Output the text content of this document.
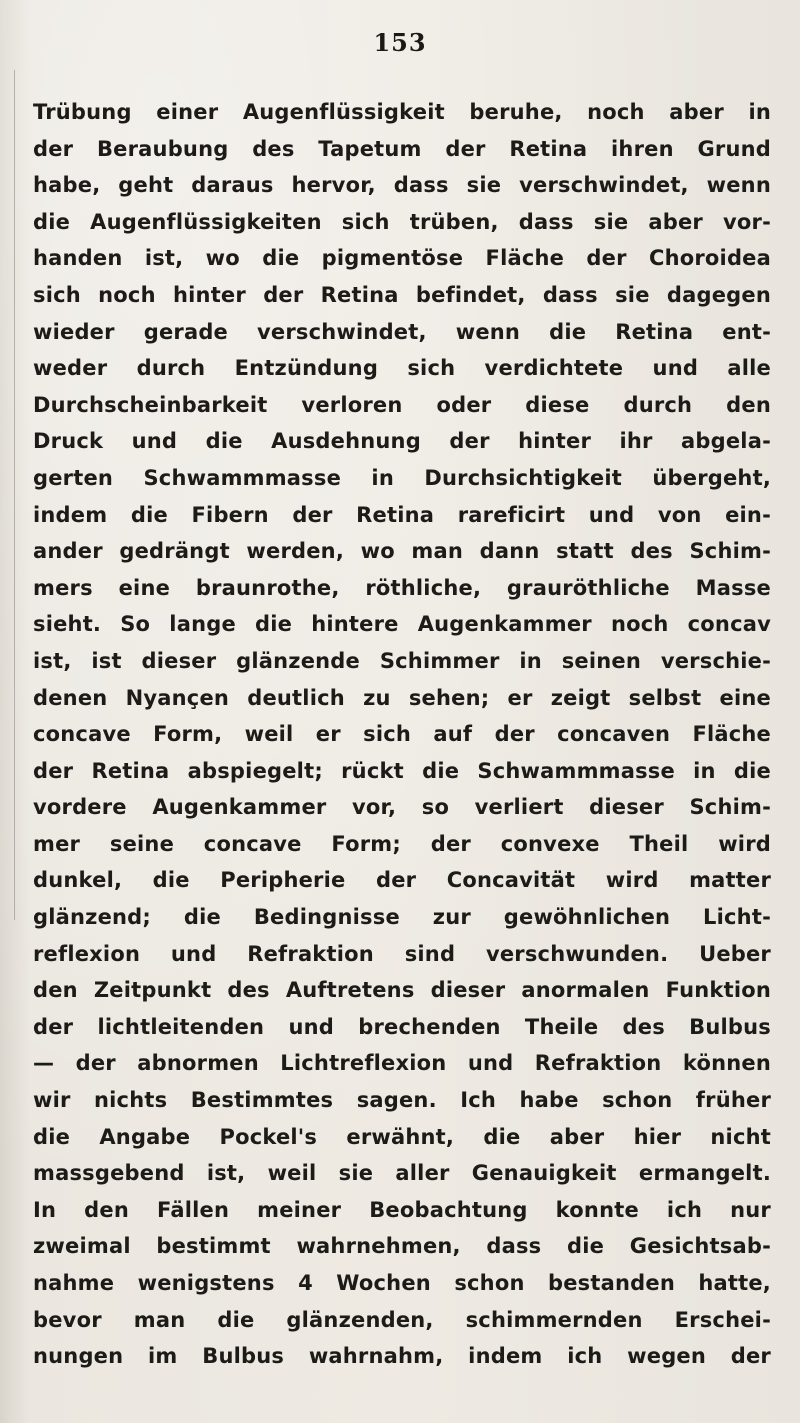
153
Trübung einer Augenflüssigkeit beruhe, noch aber in
der Beraubung des Tapetum der Retina ihren Grund
habe, geht daraus hervor, dass sie verschwindet, wenn
die Augenflüssigkeiten sich trüben, dass sie aber vor-
handen ist, wo die pigmentöse Fläche der Choroidea
sich noch hinter der Retina befindet, dass sie dagegen
wieder gerade verschwindet, wenn die Retina ent-
weder durch Entzündung sich verdichtete und alle
Durchscheinbarkeit verloren oder diese durch den
Druck und die Ausdehnung der hinter ihr abgela-
gerten Schwammmasse in Durchsichtigkeit übergeht,
indem die Fibern der Retina rareficirt und von ein-
ander gedrängt werden, wo man dann statt des Schim-
mers eine braunrothe, röthliche, grauröthliche Masse
sieht. So lange die hintere Augenkammer noch concav
ist, ist dieser glänzende Schimmer in seinen verschie-
denen Nyançen deutlich zu sehen; er zeigt selbst eine
concave Form, weil er sich auf der concaven Fläche
der Retina abspiegelt; rückt die Schwammmasse in die
vordere Augenkammer vor, so verliert dieser Schim-
mer seine concave Form; der convexe Theil wird
dunkel, die Peripherie der Concavität wird matter
glänzend; die Bedingnisse zur gewöhnlichen Licht-
reflexion und Refraktion sind verschwunden. Ueber
den Zeitpunkt des Auftretens dieser anormalen Funktion
der lichtleitenden und brechenden Theile des Bulbus
— der abnormen Lichtreflexion und Refraktion können
wir nichts Bestimmtes sagen. Ich habe schon früher
die Angabe Pockel's erwähnt, die aber hier nicht
massgebend ist, weil sie aller Genauigkeit ermangelt.
In den Fällen meiner Beobachtung konnte ich nur
zweimal bestimmt wahrnehmen, dass die Gesichtsab-
nahme wenigstens 4 Wochen schon bestanden hatte,
bevor man die glänzenden, schimmernden Erschei-
nungen im Bulbus wahrnahm, indem ich wegen der
